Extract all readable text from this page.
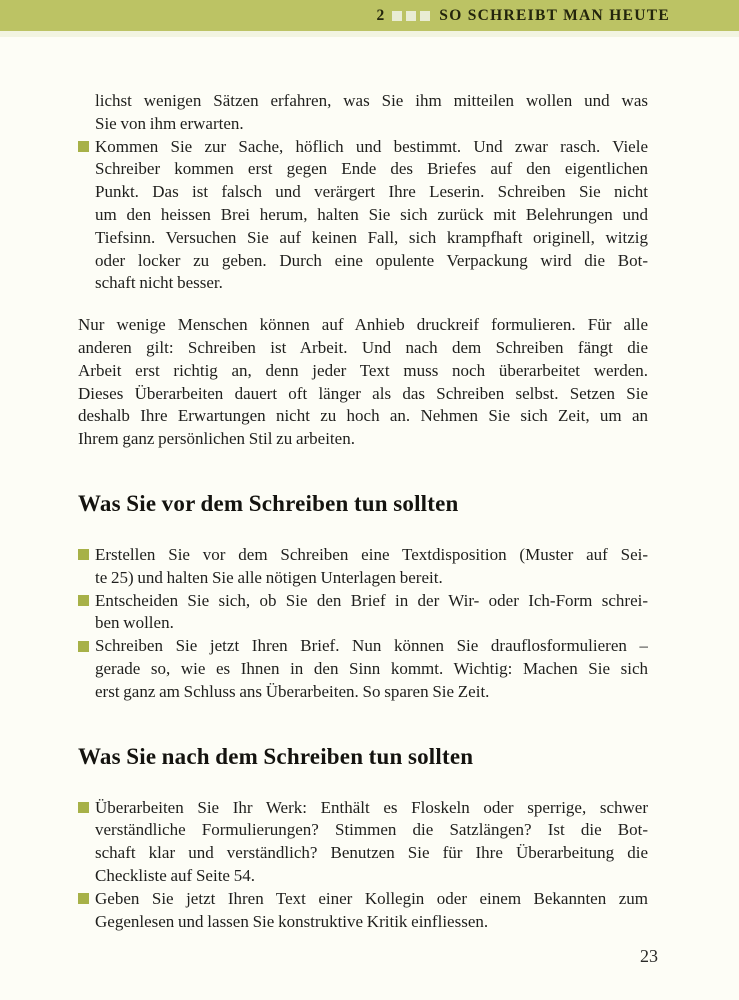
2	SO SCHREIBT MAN HEUTE
lichst wenigen Sätzen erfahren, was Sie ihm mitteilen wollen und was
Sie von ihm erwarten.
Kommen Sie zur Sache, höflich und bestimmt. Und zwar rasch. Viele
Schreiber kommen erst gegen Ende des Briefes auf den eigentlichen
Punkt. Das ist falsch und verärgert Ihre Leserin. Schreiben Sie nicht
um den heissen Brei herum, halten Sie sich zurück mit Belehrungen und
Tiefsinn. Versuchen Sie auf keinen Fall, sich krampfhaft originell, witzig
oder locker zu geben. Durch eine opulente Verpackung wird die Bot-
schaft nicht besser.
Nur wenige Menschen können auf Anhieb druckreif formulieren. Für alle
anderen gilt: Schreiben ist Arbeit. Und nach dem Schreiben fängt die
Arbeit erst richtig an, denn jeder Text muss noch überarbeitet werden.
Dieses Überarbeiten dauert oft länger als das Schreiben selbst. Setzen Sie
deshalb Ihre Erwartungen nicht zu hoch an. Nehmen Sie sich Zeit, um an
Ihrem ganz persönlichen Stil zu arbeiten.
Was Sie vor dem Schreiben tun sollten
Erstellen Sie vor dem Schreiben eine Textdisposition (Muster auf Sei-
te 25) und halten Sie alle nötigen Unterlagen bereit.
Entscheiden Sie sich, ob Sie den Brief in der Wir- oder Ich-Form schrei-
ben wollen.
Schreiben Sie jetzt Ihren Brief. Nun können Sie drauflosformulieren –
gerade so, wie es Ihnen in den Sinn kommt. Wichtig: Machen Sie sich
erst ganz am Schluss ans Überarbeiten. So sparen Sie Zeit.
Was Sie nach dem Schreiben tun sollten
Überarbeiten Sie Ihr Werk: Enthält es Floskeln oder sperrige, schwer
verständliche Formulierungen? Stimmen die Satzlängen? Ist die Bot-
schaft klar und verständlich? Benutzen Sie für Ihre Überarbeitung die
Checkliste auf Seite 54.
Geben Sie jetzt Ihren Text einer Kollegin oder einem Bekannten zum
Gegenlesen und lassen Sie konstruktive Kritik einfliessen.
23
